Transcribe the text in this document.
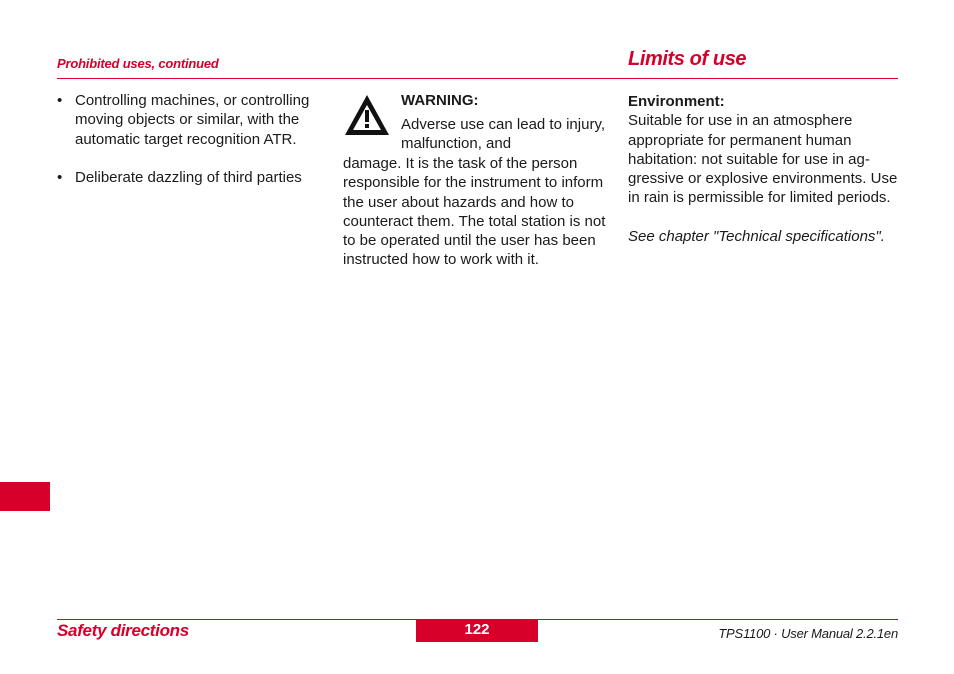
Prohibited uses, continued	Limits of use
• Controlling machines, or controlling moving objects or similar, with the automatic target recognition ATR.
• Deliberate dazzling of third parties
WARNING:
Adverse use can lead to injury, malfunction, and
damage. It is the task of the person responsible for the instrument to inform the user about hazards and how to counteract them. The total station is not to be operated until the user has been instructed how to work with it.
Environment:
Suitable for use in an atmosphere appropriate for permanent human habitation: not suitable for use in ag- gressive or explosive environments. Use in rain is permissible for limited periods.
See chapter "Technical specifications".
Safety directions	122	TPS1100 · User Manual 2.2.1en
